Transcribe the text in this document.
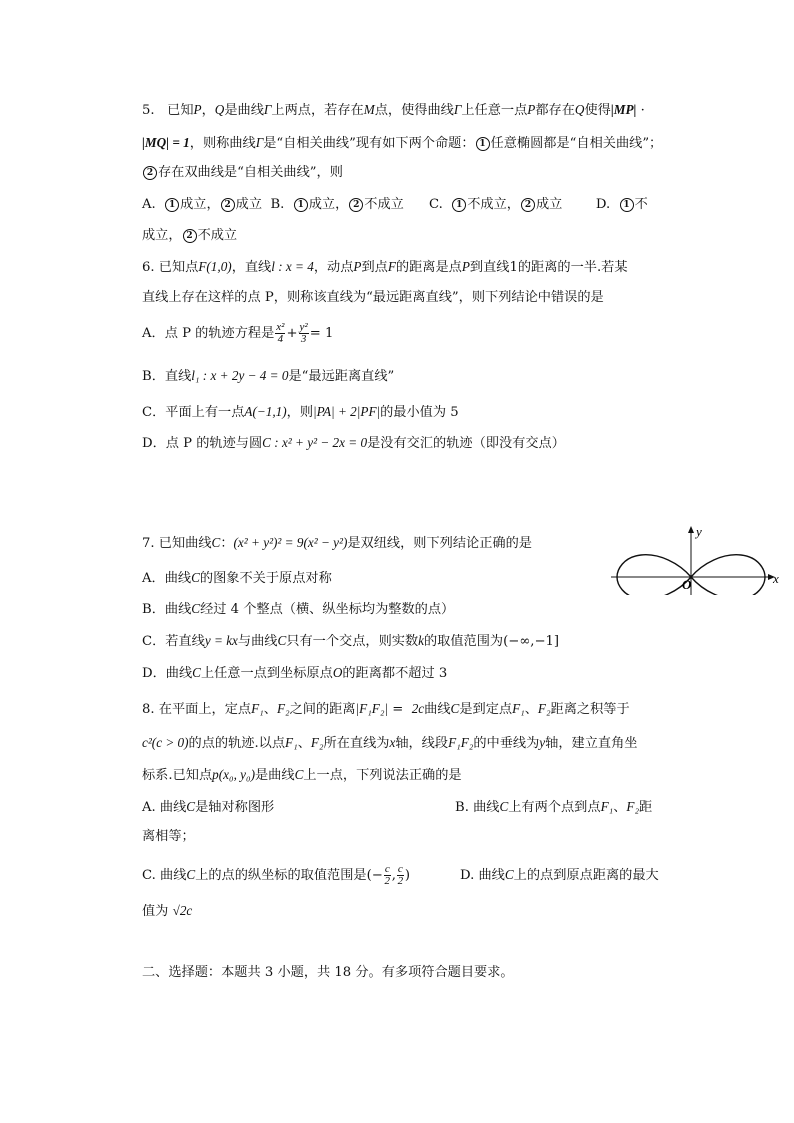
5. 已知P，Q是曲线Γ上两点，若存在M点，使得曲线Γ上任意一点P都存在Q使得|MP| ·
|MQ| = 1，则称曲线Γ是“自相关曲线”现有如下两个命题： 1 任意椭圆都是“自相关曲线”；
2 存在双曲线是“自相关曲线”，则
A. 1 成立， 2 成立 B. 1 成立， 2 不成立 C. 1 不成立， 2 成立	D. 1 不
成立， 2 不成立
6. 已知点F(1,0)，直线l : x = 4，动点P到点F的距离是点P到直线1的距离的一半.若某
直线上存在这样的点 P，则称该直线为“最远距离直线”，则下列结论中错误的是
A．点 P 的轨迹方程是 $\frac{\text{x²}}{4} + \frac{\text{y²}}{3} = 1$
B．直线l₁ : x + 2y − 4 = 0是“最远距离直线”
C．平面上有一点A(−1,1)，则|PA| + 2|PF|的最小值为 5
D．点 P 的轨迹与圆C : x² + y² − 2x = 0是没有交汇的轨迹（即没有交点）
7. 已知曲线C：(x² + y²)² = 9(x² − y²)是双纽线，则下列结论正确的是
A．曲线C的图象不关于原点对称
B．曲线C经过 4 个整点（横、纵坐标均为整数的点）
C．若直线y = kx与曲线C只有一个交点，则实数k的取值范围为(−∞,−1]
D．曲线C上任意一点到坐标原点O的距离都不超过 3
y
x
O
8. 在平面上，定点F₁、F₂之间的距离|F₁F₂| = 2c曲线C是到定点F₁、F₂距离之积等于
c²(c > 0)的点的轨迹.以点F₁、F₂所在直线为x轴，线段F₁F₂的中垂线为y轴，建立直角坐
标系.已知点p(x₀, y₀)是曲线C上一点，下列说法正确的是
A. 曲线C是轴对称图形	B. 曲线C上有两个点到点F₁、F₂距
离相等；
C. 曲线C上的点的纵坐标的取值范围是(− $\frac{c}{2}$ , $\frac{c}{2}$ )	D. 曲线C上的点到原点距离的最大
值为 √2c
二、选择题：本题共 3 小题，共 18 分。有多项符合题目要求。
